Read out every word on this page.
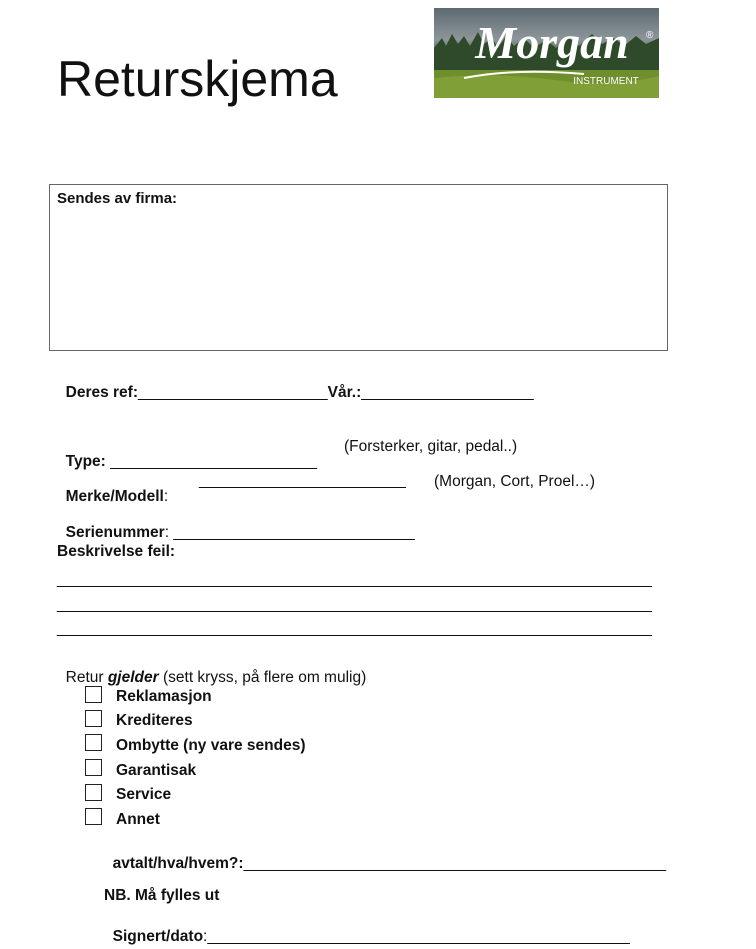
Returskjema
Morgan ®
INSTRUMENT
Sendes av firma:

Deres ref:______________________Vår.:____________________

Type: ________________________

(Forsterker, gitar, pedal..)

Merke/Modell:

________________________ (Morgan, Cort, Proel…)

Serienummer: ____________________________

Beskrivelse feil:
_____________________________________________________________________
_____________________________________________________________________
_____________________________________________________________________

Retur gjelder (sett kryss, på flere om mulig)

Reklamasjon
Krediteres
Ombytte (ny vare sendes)
Garantisak
Service
Annet

avtalt/hva/hvem?:_________________________________________________

NB. Må fylles ut

Signert/dato:_________________________________________________
